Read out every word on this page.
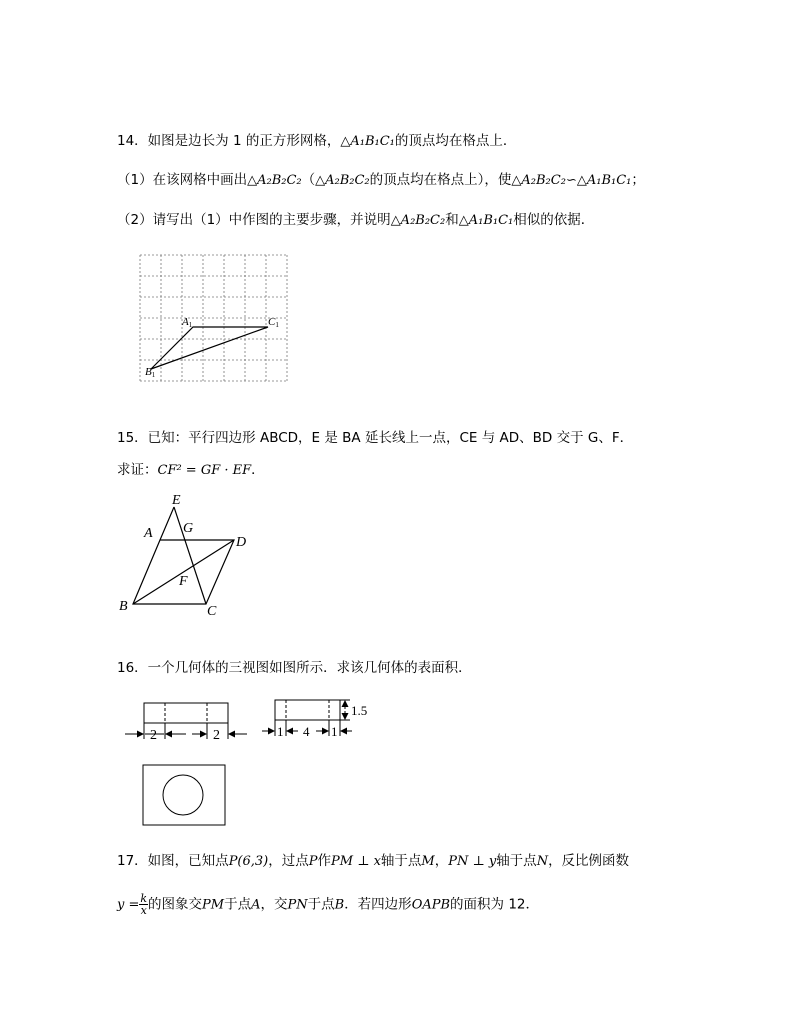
14．如图是边长为 1 的正方形网格，△A₁B₁C₁的顶点均在格点上．
（1）在该网格中画出△A₂B₂C₂（△A₂B₂C₂的顶点均在格点上），使△A₂B₂C₂∽△A₁B₁C₁；
（2）请写出（1）中作图的主要步骤，并说明△A₂B₂C₂和△A₁B₁C₁相似的依据．
A1	C1
B1
15．已知：平行四边形 ABCD，E 是 BA 延长线上一点，CE 与 AD、BD 交于 G、F．
求证：CF² = GF · EF．
E
A G
D
F
B	C
16．一个几何体的三视图如图所示．求该几何体的表面积．
2	2	1 4 1
1.5
17．如图，已知点P(6,3)，过点P作PM ⊥ x轴于点M，PN ⊥ y轴于点N，反比例函数
$y = \frac{k}{x}$ 的图象交PM于点A，交PN于点B．若四边形OAPB的面积为 12．
